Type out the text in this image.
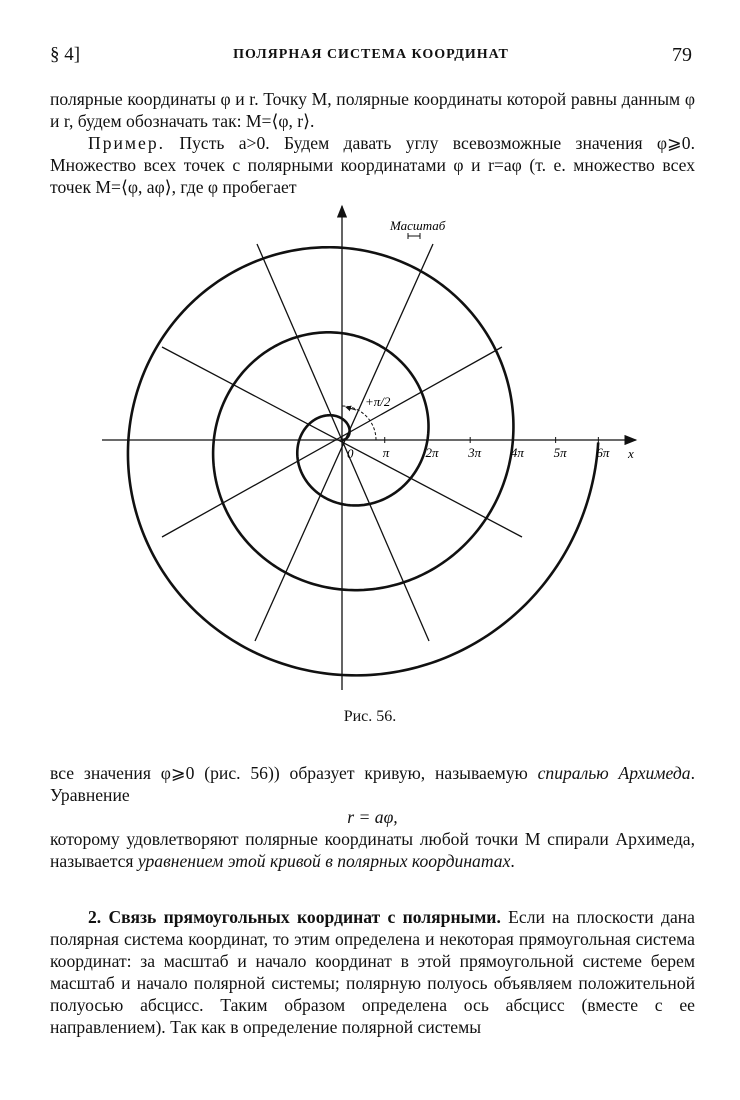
§ 4]	ПОЛЯРНАЯ СИСТЕМА КООРДИНАТ	79

полярные координаты φ и r. Точку M, полярные координаты которой равны данным φ и r, будем обозначать так: M=⟨φ, r⟩.

Пример. Пусть a>0. Будем давать углу всевозможные значения φ⩾0. Множество всех точек с полярными координатами φ и r=aφ (т. е. множество всех точек M=⟨φ, aφ⟩, где φ пробегает

Масштаб
+π/2
0 π	2π 3π 4π 5π 6π x
Рис. 56.

все значения φ⩾0 (рис. 56)) образует кривую, называемую спиралью Архимеда. Уравнение

r = aφ,

которому удовлетворяют полярные координаты любой точки M спирали Архимеда, называется уравнением этой кривой в полярных координатах.

2. Связь прямоугольных координат с полярными. Если на плоскости дана полярная система координат, то этим определена и некоторая прямоугольная система координат: за масштаб и начало координат в этой прямоугольной системе берем масштаб и начало полярной системы; полярную полуось объявляем положительной полуосью абсцисс. Таким образом определена ось абсцисс (вместе с ее направлением). Так как в определение полярной системы
